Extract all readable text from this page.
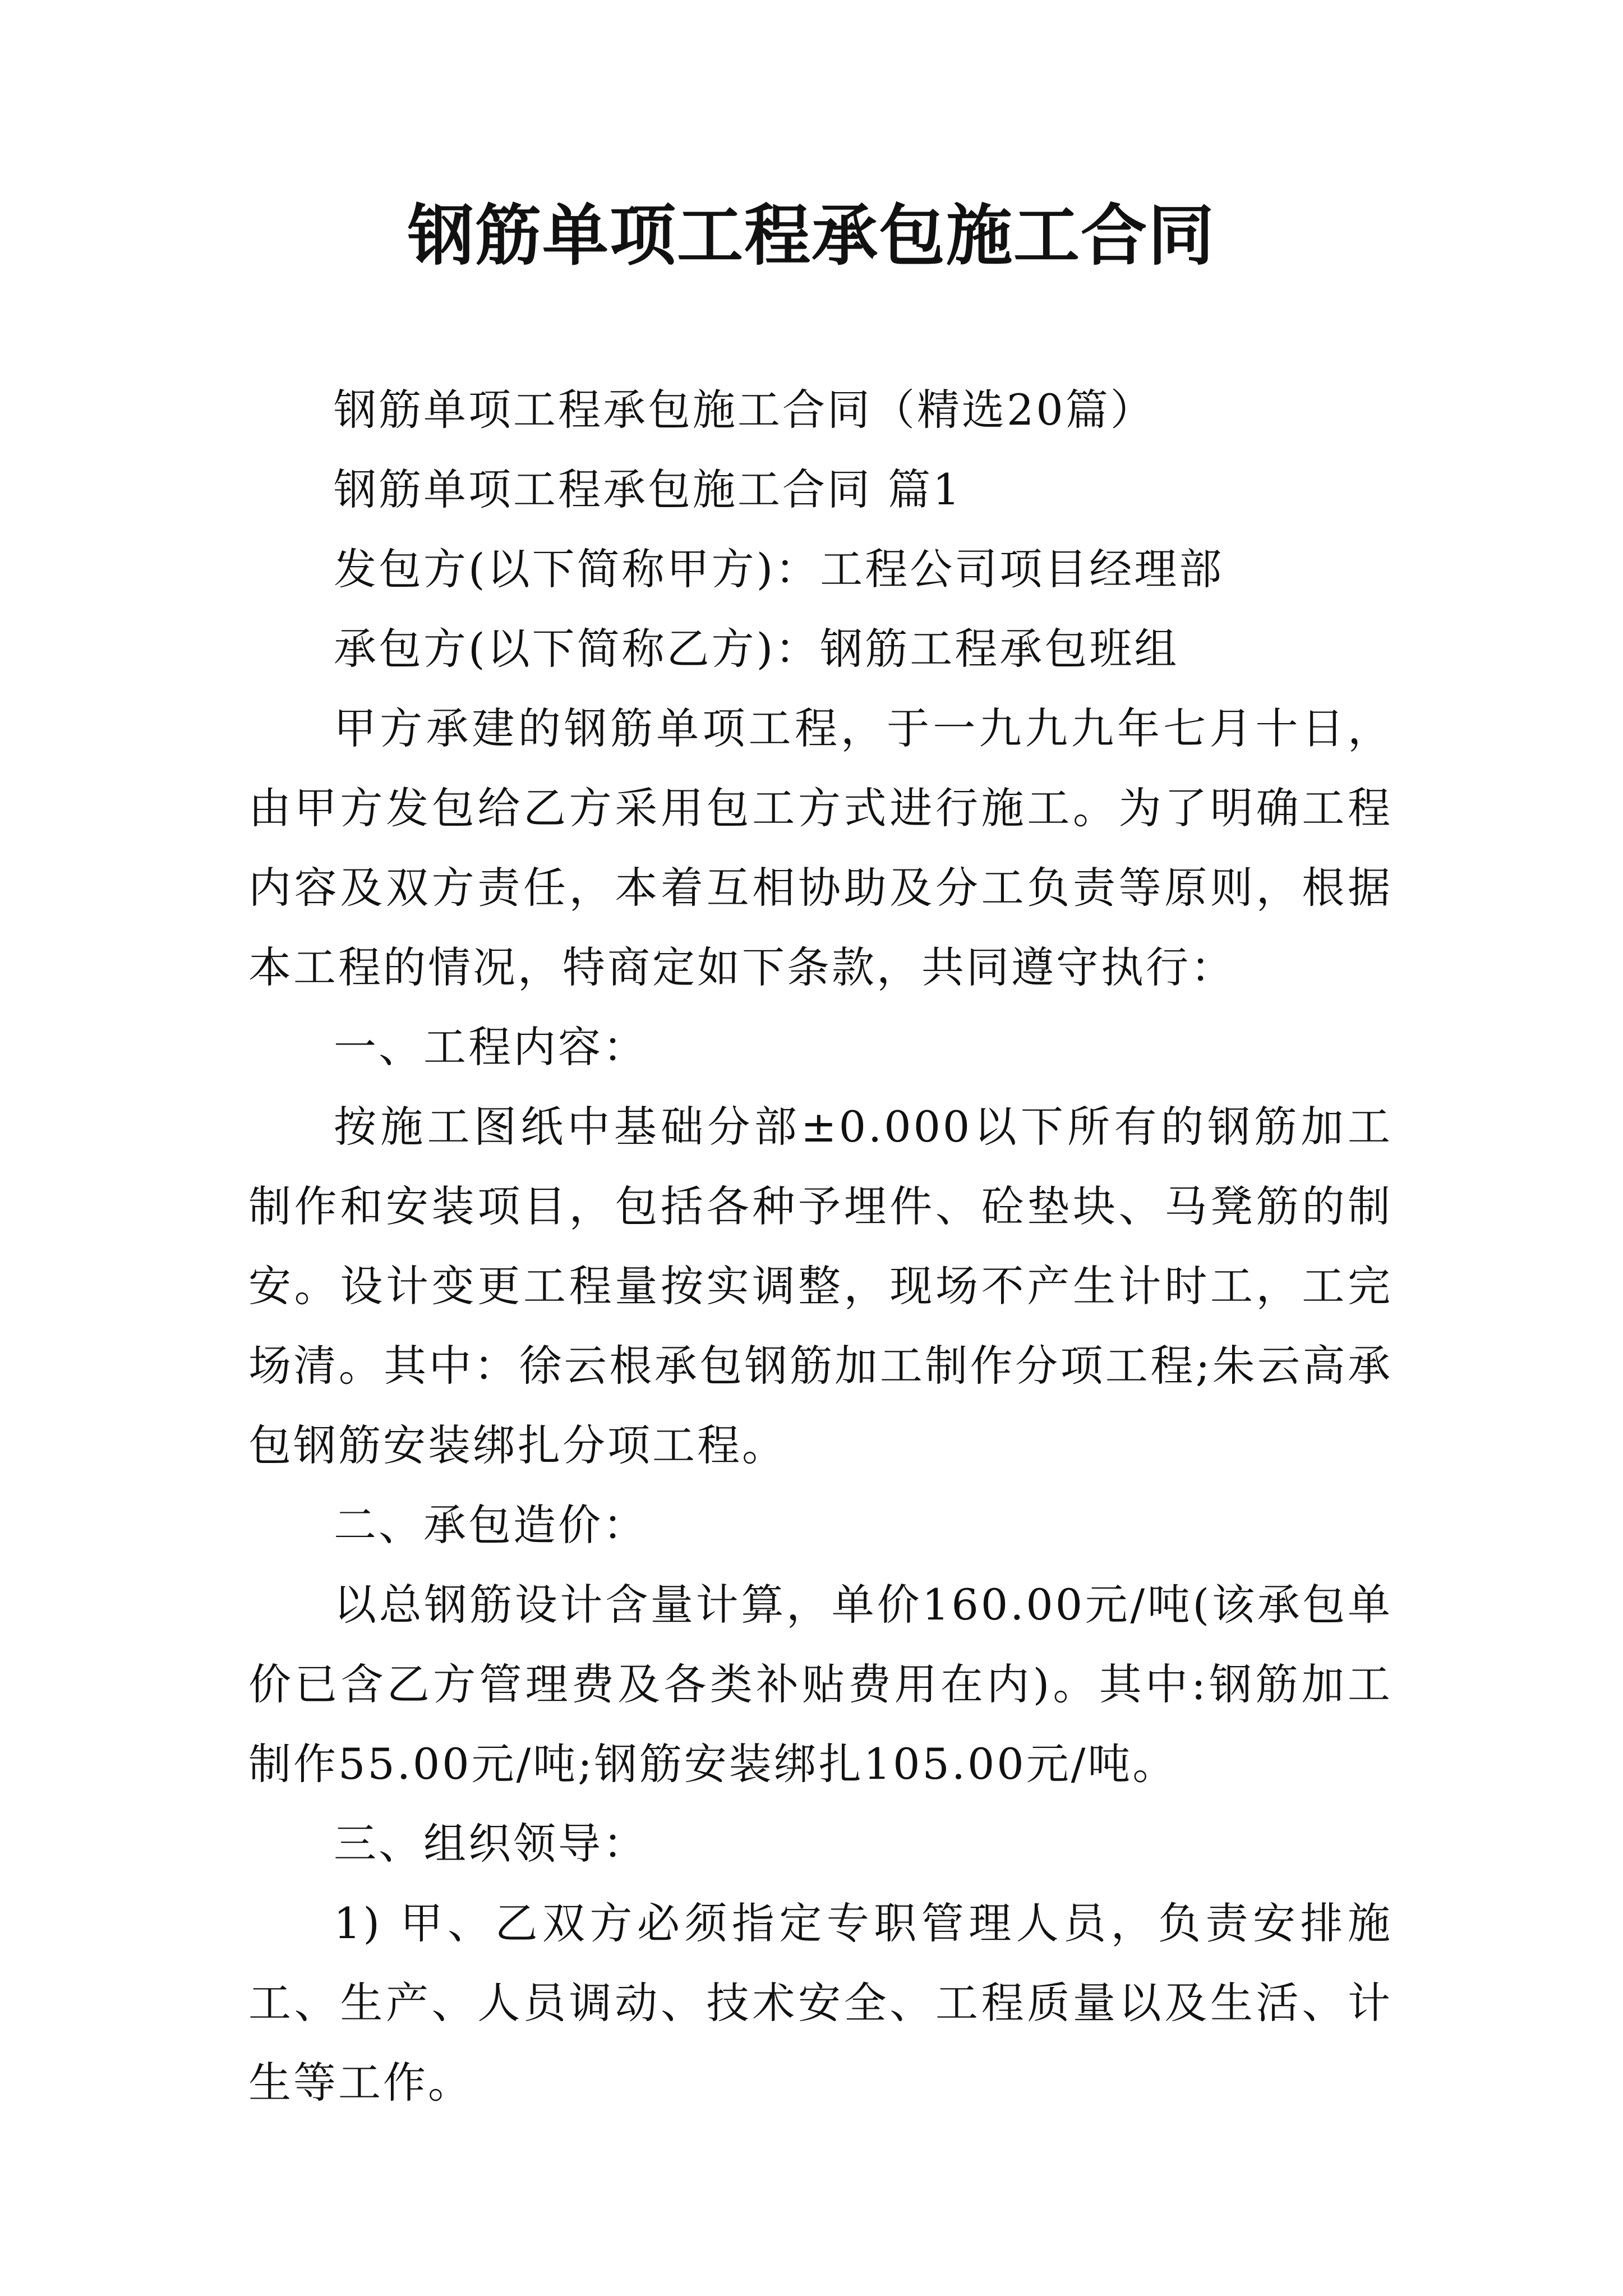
钢筋单项工程承包施工合同

钢筋单项工程承包施工合同（精选20篇）

钢筋单项工程承包施工合同 篇1

发包方(以下简称甲方)：工程公司项目经理部

承包方(以下简称乙方)：钢筋工程承包班组

甲方承建的钢筋单项工程，于一九九九年七月十日，由甲方发包给乙方采用包工方式进行施工。为了明确工程内容及双方责任，本着互相协助及分工负责等原则，根据本工程的情况，特商定如下条款，共同遵守执行：

一、工程内容：

按施工图纸中基础分部±0.000以下所有的钢筋加工制作和安装项目，包括各种予埋件、砼垫块、马凳筋的制安。设计变更工程量按实调整，现场不产生计时工，工完场清。其中：徐云根承包钢筋加工制作分项工程;朱云高承包钢筋安装绑扎分项工程。

二、承包造价：

以总钢筋设计含量计算，单价160.00元/吨(该承包单价已含乙方管理费及各类补贴费用在内)。其中:钢筋加工制作55.00元/吨;钢筋安装绑扎105.00元/吨。

三、组织领导：

1) 甲、乙双方必须指定专职管理人员，负责安排施工、生产、人员调动、技术安全、工程质量以及生活、计生等工作。
